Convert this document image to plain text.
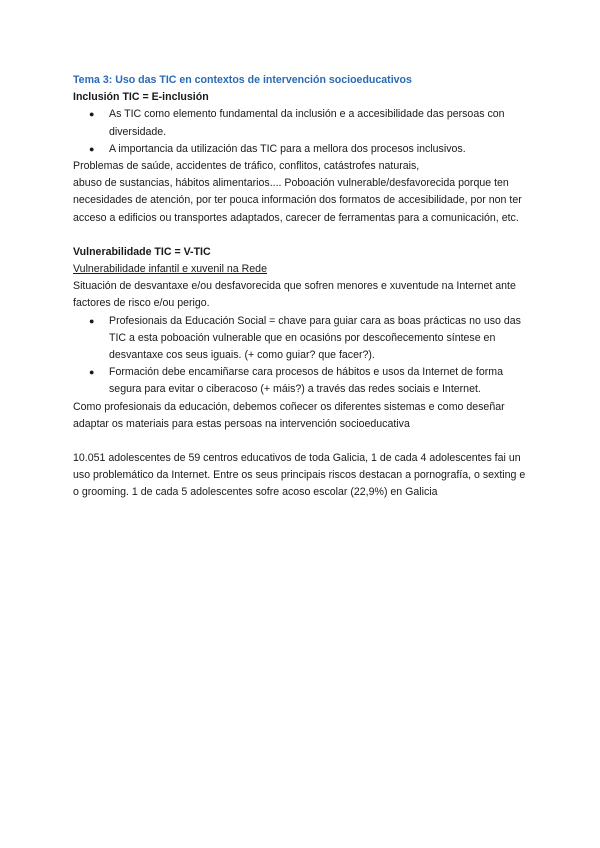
Tema 3: Uso das TIC en contextos de intervención socioeducativos

Inclusión TIC = E-inclusión

● As TIC como elemento fundamental da inclusión e a accesibilidade das persoas con diversidade.
● A importancia da utilización das TIC para a mellora dos procesos inclusivos.

Problemas de saúde, accidentes de tráfico, conflitos, catástrofes naturais,

abuso de sustancias, hábitos alimentarios.... Poboación vulnerable/desfavorecida porque ten necesidades de atención, por ter pouca información dos formatos de accesibilidade, por non ter acceso a edificios ou transportes adaptados, carecer de ferramentas para a comunicación, etc.

Vulnerabilidade TIC = V-TIC

Vulnerabilidade infantil e xuvenil na Rede

Situación de desvantaxe e/ou desfavorecida que sofren menores e xuventude na Internet ante factores de risco e/ou perigo.

● Profesionais da Educación Social = chave para guiar cara as boas prácticas no uso das TIC a esta poboación vulnerable que en ocasións por descoñecemento síntese en desvantaxe cos seus iguais. (+ como guiar? que facer?).
● Formación debe encamiñarse cara procesos de hábitos e usos da Internet de forma segura para evitar o ciberacoso (+ máis?) a través das redes sociais e Internet.

Como profesionais da educación, debemos coñecer os diferentes sistemas e como deseñar adaptar os materiais para estas persoas na intervención socioeducativa

10.051 adolescentes de 59 centros educativos de toda Galicia, 1 de cada 4 adolescentes fai un uso problemático da Internet. Entre os seus principais riscos destacan a pornografía, o sexting e o grooming. 1 de cada 5 adolescentes sofre acoso escolar (22,9%) en Galicia
